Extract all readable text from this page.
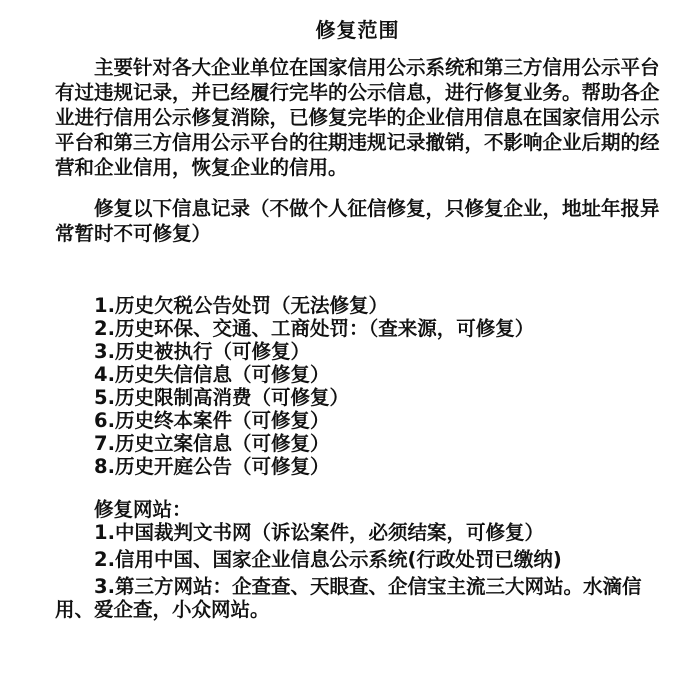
修复范围

主要针对各大企业单位在国家信用公示系统和第三方信用公示平台有过违规记录，并已经履行完毕的公示信息，进行修复业务。帮助各企业进行信用公示修复消除，已修复完毕的企业信用信息在国家信用公示平台和第三方信用公示平台的往期违规记录撤销，不影响企业后期的经营和企业信用，恢复企业的信用。

修复以下信息记录（不做个人征信修复，只修复企业，地址年报异常暂时不可修复）

1.历史欠税公告处罚（无法修复）

2.历史环保、交通、工商处罚：（查来源，可修复）

3.历史被执行（可修复）

4.历史失信信息（可修复）

5.历史限制高消费（可修复）

6.历史终本案件（可修复）

7.历史立案信息（可修复）

8.历史开庭公告（可修复）

修复网站：

1.中国裁判文书网（诉讼案件，必须结案，可修复）

2.信用中国、国家企业信息公示系统(行政处罚已缴纳)

3.第三方网站：企查查、天眼查、企信宝主流三大网站。水滴信用、爱企查，小众网站。
